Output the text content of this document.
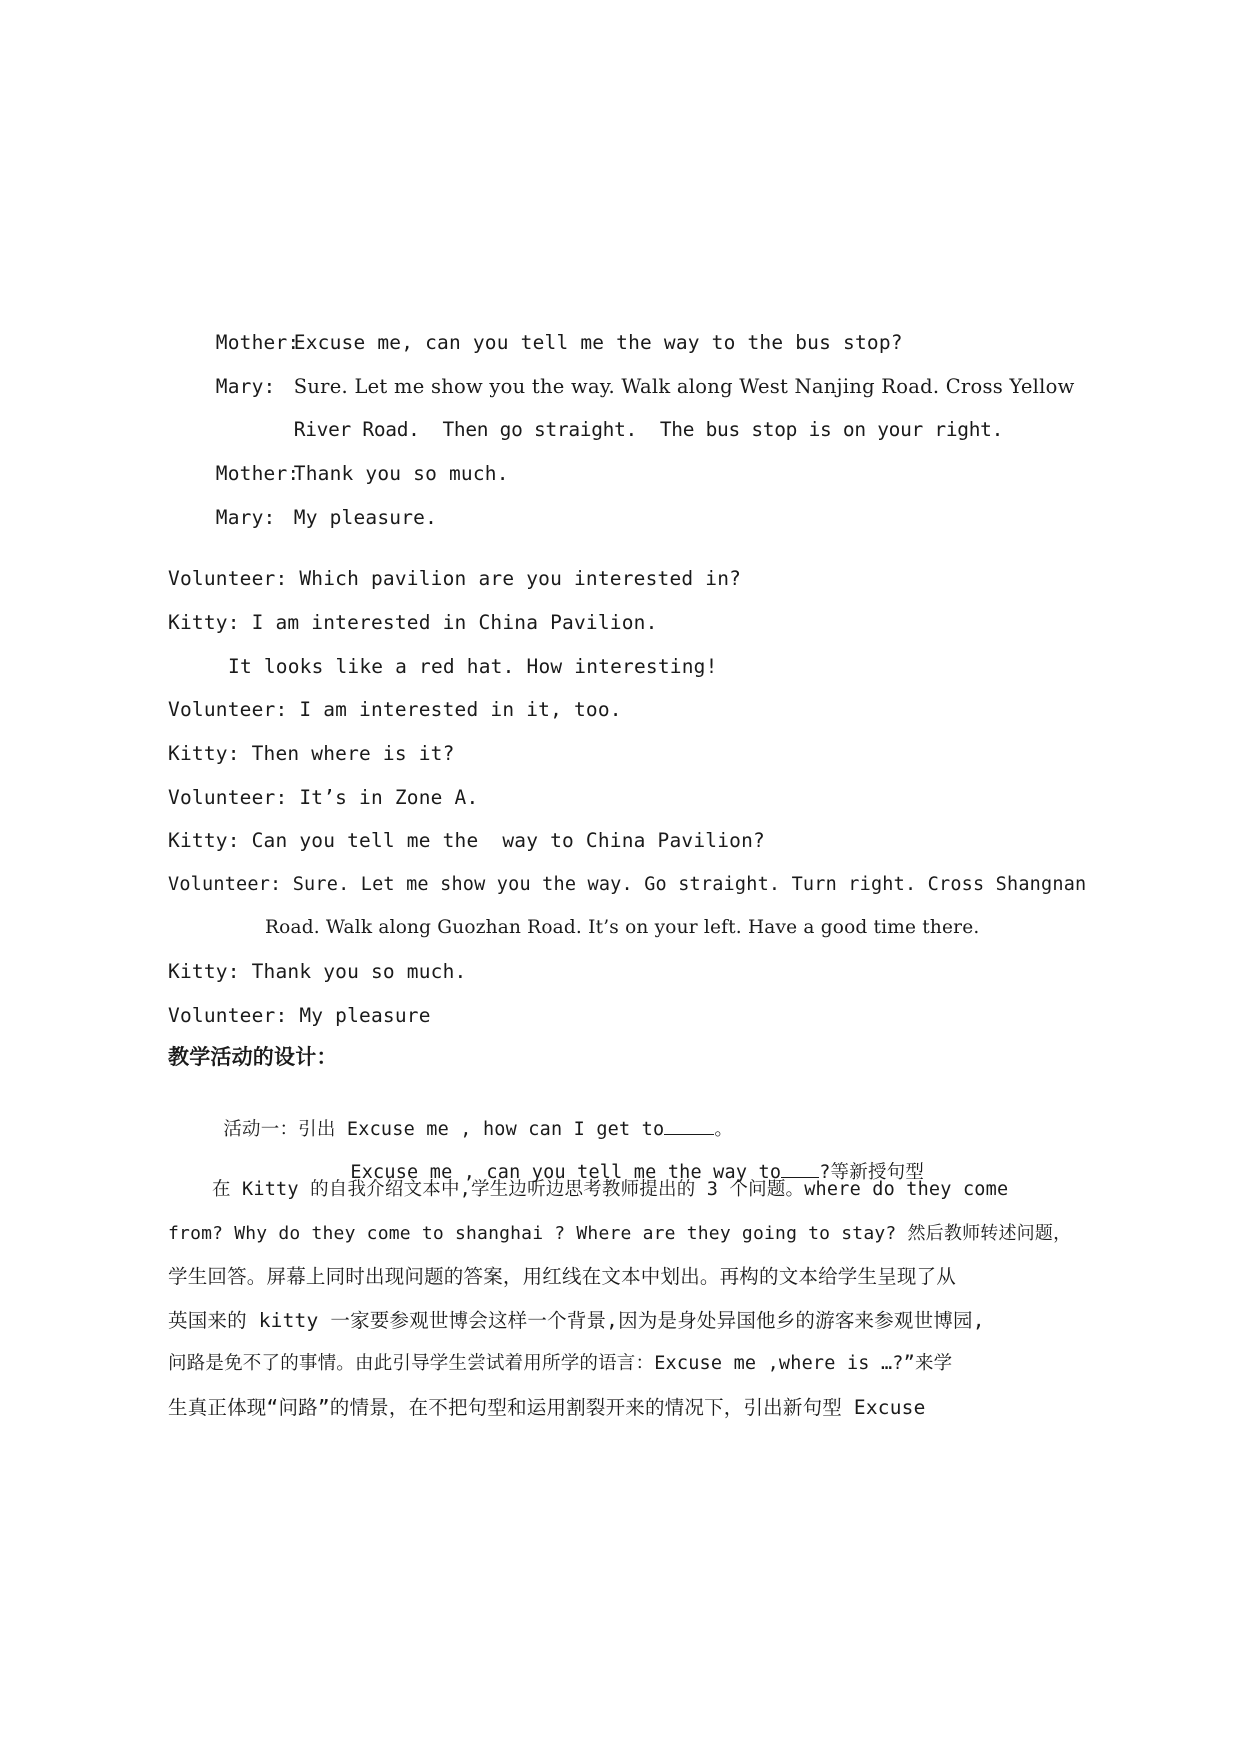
Mother:Excuse me, can you tell me the way to the bus stop?

Mary: Sure. Let me show you the way. Walk along West Nanjing Road. Cross Yellow

River Road.  Then go straight.  The bus stop is on your right.

Mother:Thank you so much.

Mary: My pleasure.

Volunteer: Which pavilion are you interested in?
Kitty: I am interested in China Pavilion.
It looks like a red hat. How interesting!
Volunteer: I am interested in it, too.
Kitty: Then where is it?
Volunteer: It’s in Zone A.
Kitty: Can you tell me the  way to China Pavilion?
Volunteer: Sure. Let me show you the way. Go straight. Turn right. Cross Shangnan
Road. Walk along Guozhan Road. It’s on your left. Have a good time there.
Kitty: Thank you so much.
Volunteer: My pleasure
教学活动的设计：

活动一：引出 Excuse me , how can I get to	。

Excuse me , can you tell me the way to ?等新授句型

在 Kitty 的自我介绍文本中,学生边听边思考教师提出的 3 个问题。where do they come
from? Why do they come to shanghai ? Where are they going to stay? 然后教师转述问题，
学生回答。屏幕上同时出现问题的答案，用红线在文本中划出。再构的文本给学生呈现了从
英国来的 kitty 一家要参观世博会这样一个背景,因为是身处异国他乡的游客来参观世博园,
问路是免不了的事情。由此引导学生尝试着用所学的语言：Excuse me ,where is …?”来学
生真正体现“问路”的情景，在不把句型和运用割裂开来的情况下，引出新句型 Excuse
